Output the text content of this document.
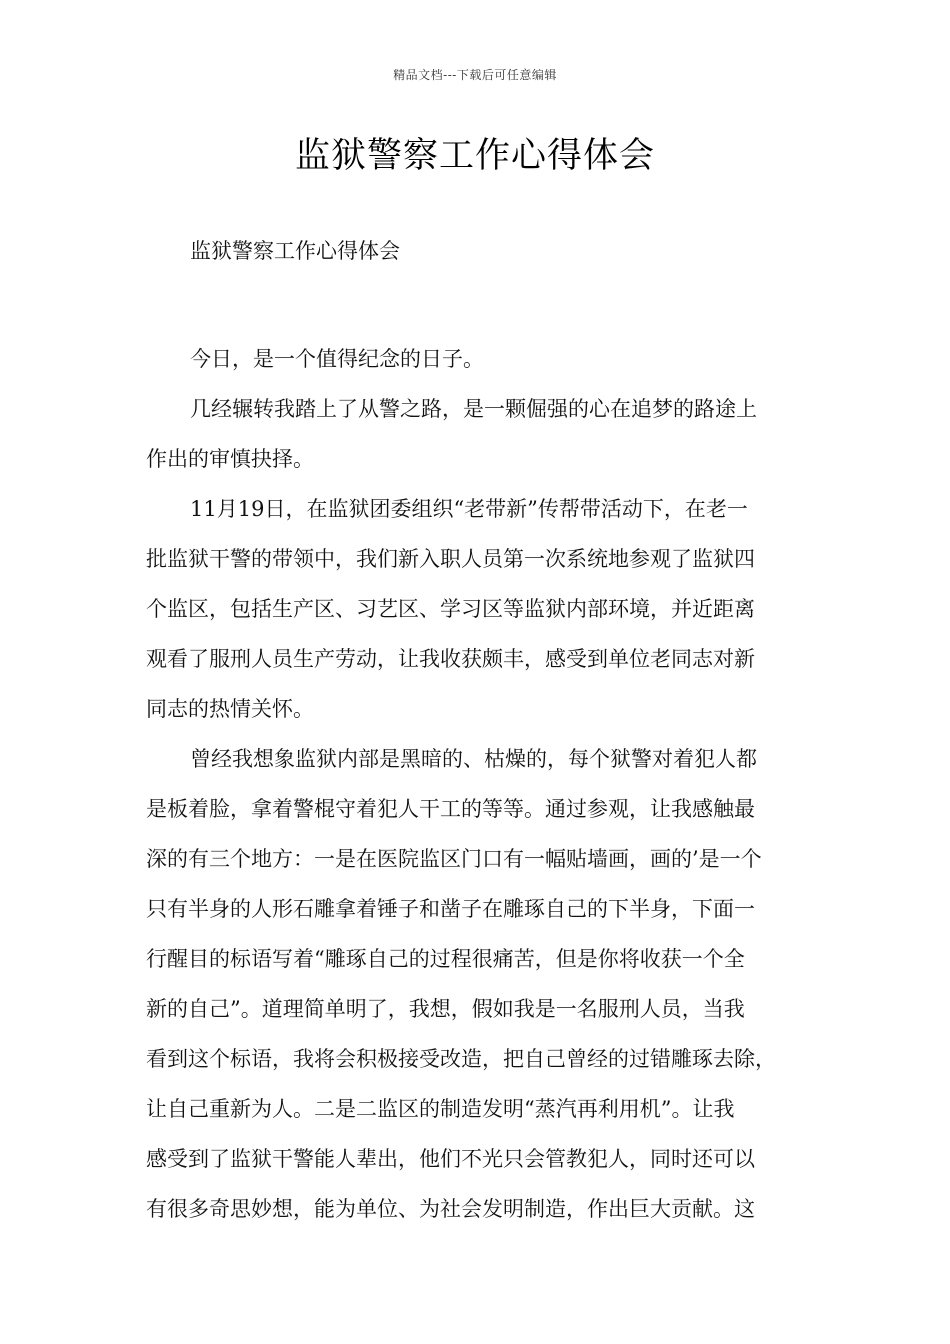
精品文档---下载后可任意编辑
监狱警察工作心得体会
监狱警察工作心得体会

今日，是一个值得纪念的日子。

几经辗转我踏上了从警之路，是一颗倔强的心在追梦的路途上
作出的审慎抉择。

11月19日，在监狱团委组织“老带新”传帮带活动下，在老一
批监狱干警的带领中，我们新入职人员第一次系统地参观了监狱四
个监区，包括生产区、习艺区、学习区等监狱内部环境，并近距离
观看了服刑人员生产劳动，让我收获颇丰，感受到单位老同志对新
同志的热情关怀。

曾经我想象监狱内部是黑暗的、枯燥的，每个狱警对着犯人都
是板着脸，拿着警棍守着犯人干工的等等。通过参观，让我感触最
深的有三个地方：一是在医院监区门口有一幅贴墙画，画的’是一个
只有半身的人形石雕拿着锤子和凿子在雕琢自己的下半身，下面一
行醒目的标语写着“雕琢自己的过程很痛苦，但是你将收获一个全
新的自己”。道理简单明了，我想，假如我是一名服刑人员，当我
看到这个标语，我将会积极接受改造，把自己曾经的过错雕琢去除，
让自己重新为人。二是二监区的制造发明“蒸汽再利用机”。让我
感受到了监狱干警能人辈出，他们不光只会管教犯人，同时还可以
有很多奇思妙想，能为单位、为社会发明制造，作出巨大贡献。这
